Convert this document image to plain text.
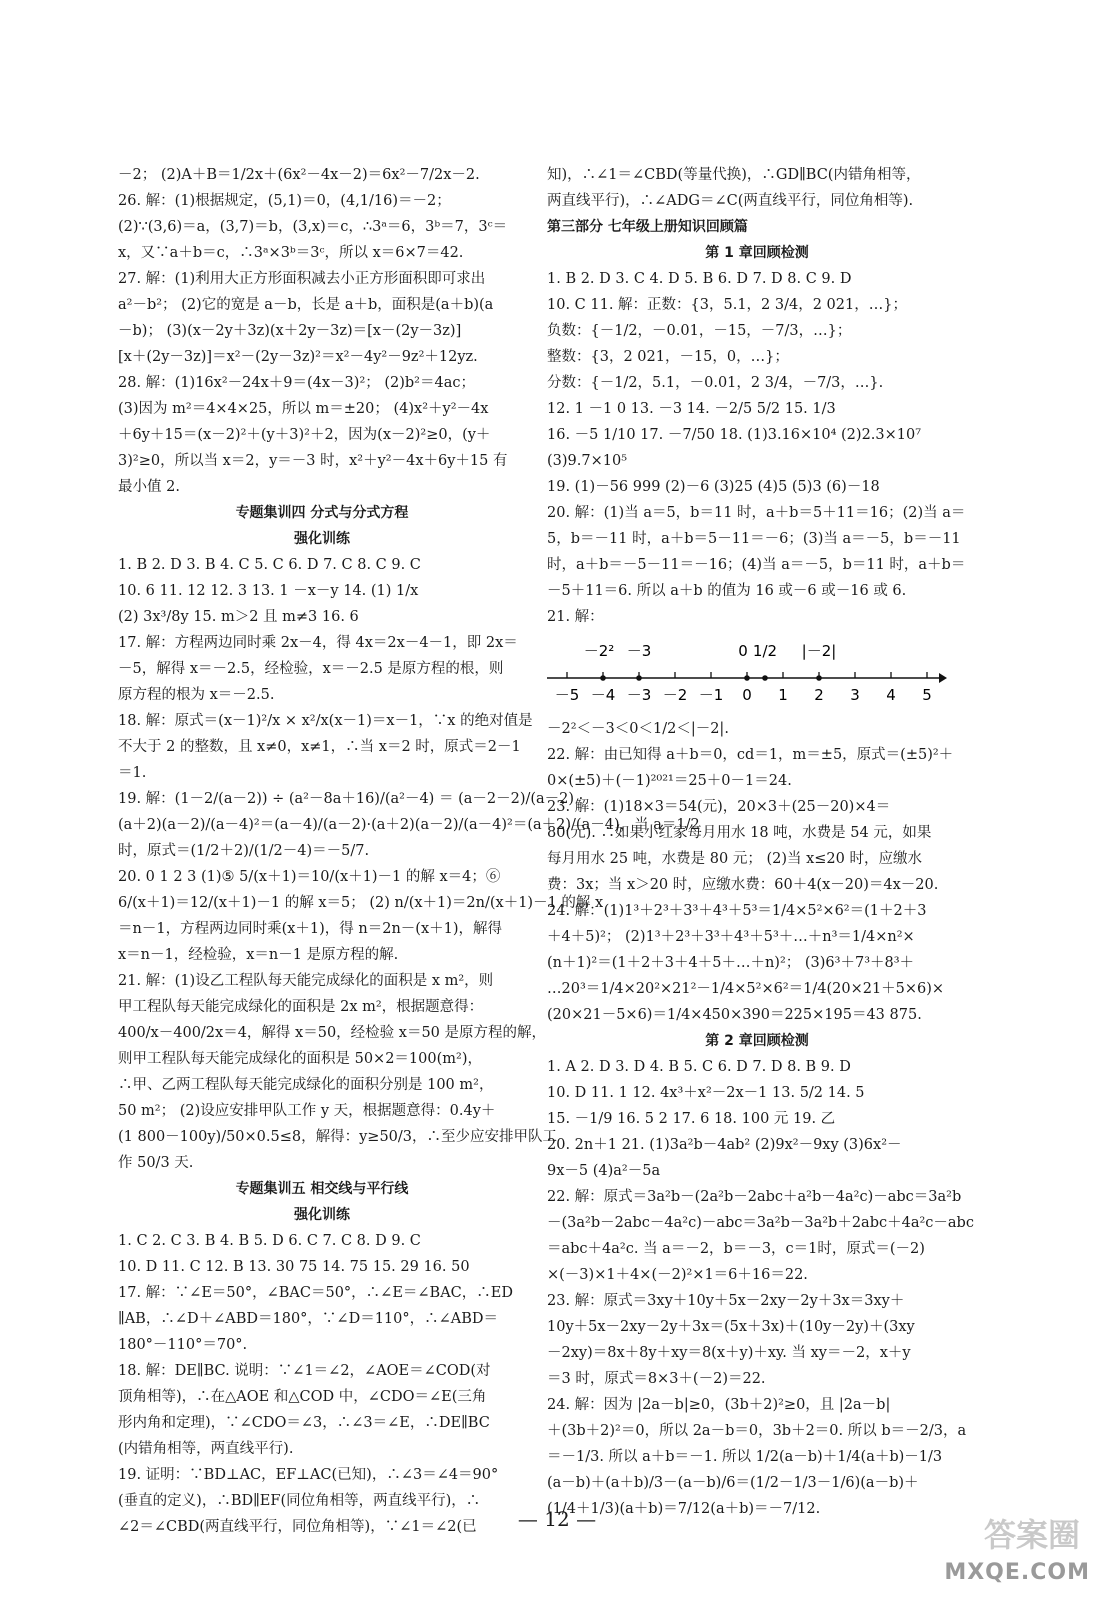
－2； (2)A＋B＝1/2x＋(6x²－4x－2)＝6x²－7/2x－2.
26. 解：(1)根据规定，(5,1)＝0，(4,1/16)＝－2；
(2)∵(3,6)＝a，(3,7)＝b，(3,x)＝c，∴3ᵃ＝6，3ᵇ＝7，3ᶜ＝
x，又∵a＋b＝c，∴3ᵃ×3ᵇ＝3ᶜ，所以 x＝6×7＝42.
27. 解：(1)利用大正方形面积减去小正方形面积即可求出
a²－b²； (2)它的宽是 a－b，长是 a＋b，面积是(a＋b)(a
－b)； (3)(x－2y＋3z)(x＋2y－3z)＝[x－(2y－3z)]
[x＋(2y－3z)]＝x²－(2y－3z)²＝x²－4y²－9z²＋12yz.
28. 解：(1)16x²－24x＋9＝(4x－3)²； (2)b²＝4ac；
(3)因为 m²＝4×4×25，所以 m＝±20； (4)x²＋y²－4x
＋6y＋15＝(x－2)²＋(y＋3)²＋2，因为(x－2)²≥0，(y＋
3)²≥0，所以当 x＝2，y＝－3 时，x²＋y²－4x＋6y＋15 有
最小值 2.
专题集训四 分式与分式方程
强化训练
1. B 2. D 3. B 4. C 5. C 6. D 7. C 8. C 9. C
10. 6 11. 12 12. 3 13. 1 －x－y 14. (1) 1/x
(2) 3x³/8y 15. m＞2 且 m≠3 16. 6
17. 解：方程两边同时乘 2x－4，得 4x＝2x－4－1，即 2x＝
－5，解得 x＝－2.5，经检验，x＝－2.5 是原方程的根，则
原方程的根为 x＝－2.5.
18. 解：原式＝(x－1)²/x × x²/x(x－1)＝x－1，∵x 的绝对值是
不大于 2 的整数，且 x≠0，x≠1，∴当 x＝2 时，原式＝2－1
＝1.
19. 解：(1－2/(a－2)) ÷ (a²－8a＋16)/(a²－4) ＝ (a－2－2)/(a－2) ·
(a＋2)(a－2)/(a－4)²＝(a－4)/(a－2)·(a＋2)(a－2)/(a－4)²＝(a＋2)/(a－4)，当 a＝1/2
时，原式＝(1/2＋2)/(1/2－4)＝－5/7.
20. 0 1 2 3 (1)⑤ 5/(x＋1)＝10/(x＋1)－1 的解 x＝4；⑥
6/(x＋1)＝12/(x＋1)－1 的解 x＝5； (2) n/(x＋1)＝2n/(x＋1)－1 的解 x
＝n－1，方程两边同时乘(x＋1)，得 n＝2n－(x＋1)，解得
x＝n－1，经检验，x＝n－1 是原方程的解.
21. 解：(1)设乙工程队每天能完成绿化的面积是 x m²，则
甲工程队每天能完成绿化的面积是 2x m²，根据题意得：
400/x－400/2x＝4，解得 x＝50，经检验 x＝50 是原方程的解，
则甲工程队每天能完成绿化的面积是 50×2＝100(m²)，
∴甲、乙两工程队每天能完成绿化的面积分别是 100 m²，
50 m²； (2)设应安排甲队工作 y 天，根据题意得：0.4y＋
(1 800－100y)/50×0.5≤8，解得：y≥50/3，∴至少应安排甲队工
作 50/3 天.
专题集训五 相交线与平行线
强化训练
1. C 2. C 3. B 4. B 5. D 6. C 7. C 8. D 9. C
10. D 11. C 12. B 13. 30 75 14. 75 15. 29 16. 50
17. 解：∵∠E＝50°，∠BAC＝50°，∴∠E＝∠BAC，∴ED
∥AB，∴∠D＋∠ABD＝180°，∵∠D＝110°，∴∠ABD＝
180°－110°＝70°.
18. 解：DE∥BC. 说明：∵∠1＝∠2，∠AOE＝∠COD(对
顶角相等)，∴在△AOE 和△COD 中，∠CDO＝∠E(三角
形内角和定理)，∵∠CDO＝∠3，∴∠3＝∠E，∴DE∥BC
(内错角相等，两直线平行).
19. 证明：∵BD⊥AC，EF⊥AC(已知)，∴∠3＝∠4＝90°
(垂直的定义)，∴BD∥EF(同位角相等，两直线平行)，∴
∠2＝∠CBD(两直线平行，同位角相等)，∵∠1＝∠2(已
知)，∴∠1＝∠CBD(等量代换)，∴GD∥BC(内错角相等，
两直线平行)，∴∠ADG＝∠C(两直线平行，同位角相等).
第三部分 七年级上册知识回顾篇
第 1 章回顾检测
1. B 2. D 3. C 4. D 5. B 6. D 7. D 8. C 9. D
10. C 11. 解：正数：{3，5.1，2 3/4，2 021，…}；
负数：{－1/2，－0.01，－15，－7/3，…}；
整数：{3，2 021，－15，0，…}；
分数：{－1/2，5.1，－0.01，2 3/4，－7/3，…}.
12. 1 －1 0 13. －3 14. －2/5 5/2 15. 1/3
16. －5 1/10 17. －7/50 18. (1)3.16×10⁴ (2)2.3×10⁷
(3)9.7×10⁵
19. (1)－56 999 (2)－6 (3)25 (4)5 (5)3 (6)－18
20. 解：(1)当 a＝5，b＝11 时，a＋b＝5＋11＝16；(2)当 a＝
5，b＝－11 时，a＋b＝5－11＝－6；(3)当 a＝－5，b＝－11
时，a＋b＝－5－11＝－16；(4)当 a＝－5，b＝11 时，a＋b＝
－5＋11＝6. 所以 a＋b 的值为 16 或－6 或－16 或 6.
21. 解：
－5 －4 －3 －2 －1 0 1 2 3 4 5
－2² －3	0 1/2 |－2|
－2²＜－3＜0＜1/2＜|－2|.
22. 解：由已知得 a＋b＝0，cd＝1，m＝±5，原式＝(±5)²＋
0×(±5)＋(－1)²⁰²¹＝25＋0－1＝24.
23. 解：(1)18×3＝54(元)，20×3＋(25－20)×4＝
80(元). ∴如果小红家每月用水 18 吨，水费是 54 元，如果
每月用水 25 吨，水费是 80 元； (2)当 x≤20 时，应缴水
费：3x；当 x＞20 时，应缴水费：60＋4(x－20)＝4x－20.
24. 解：(1)1³＋2³＋3³＋4³＋5³＝1/4×5²×6²＝(1＋2＋3
＋4＋5)²； (2)1³＋2³＋3³＋4³＋5³＋…＋n³＝1/4×n²×
(n＋1)²＝(1＋2＋3＋4＋5＋…＋n)²； (3)6³＋7³＋8³＋
…20³＝1/4×20²×21²－1/4×5²×6²＝1/4(20×21＋5×6)×
(20×21－5×6)＝1/4×450×390＝225×195＝43 875.
第 2 章回顾检测
1. A 2. D 3. D 4. B 5. C 6. D 7. D 8. B 9. D
10. D 11. 1 12. 4x³＋x²－2x－1 13. 5/2 14. 5
15. －1/9 16. 5 2 17. 6 18. 100 元 19. 乙
20. 2n＋1 21. (1)3a²b－4ab² (2)9x²－9xy (3)6x²－
9x－5 (4)a²－5a
22. 解：原式＝3a²b－(2a²b－2abc＋a²b－4a²c)－abc＝3a²b
－(3a²b－2abc－4a²c)－abc＝3a²b－3a²b＋2abc＋4a²c－abc
＝abc＋4a²c. 当 a＝－2，b＝－3，c＝1时，原式＝(－2)
×(－3)×1＋4×(－2)²×1＝6＋16＝22.
23. 解：原式＝3xy＋10y＋5x－2xy－2y＋3x＝3xy＋
10y＋5x－2xy－2y＋3x＝(5x＋3x)＋(10y－2y)＋(3xy
－2xy)＝8x＋8y＋xy＝8(x＋y)＋xy. 当 xy＝－2，x＋y
＝3 时，原式＝8×3＋(－2)＝22.
24. 解：因为 |2a－b|≥0，(3b＋2)²≥0，且 |2a－b|
＋(3b＋2)²＝0，所以 2a－b＝0，3b＋2＝0. 所以 b＝－2/3，a
＝－1/3. 所以 a＋b＝－1. 所以 1/2(a－b)＋1/4(a＋b)－1/3
(a－b)＋(a＋b)/3－(a－b)/6＝(1/2－1/3－1/6)(a－b)＋
(1/4＋1/3)(a＋b)＝7/12(a＋b)＝－7/12.
— 12 —	答案圈
MXQE.COM
